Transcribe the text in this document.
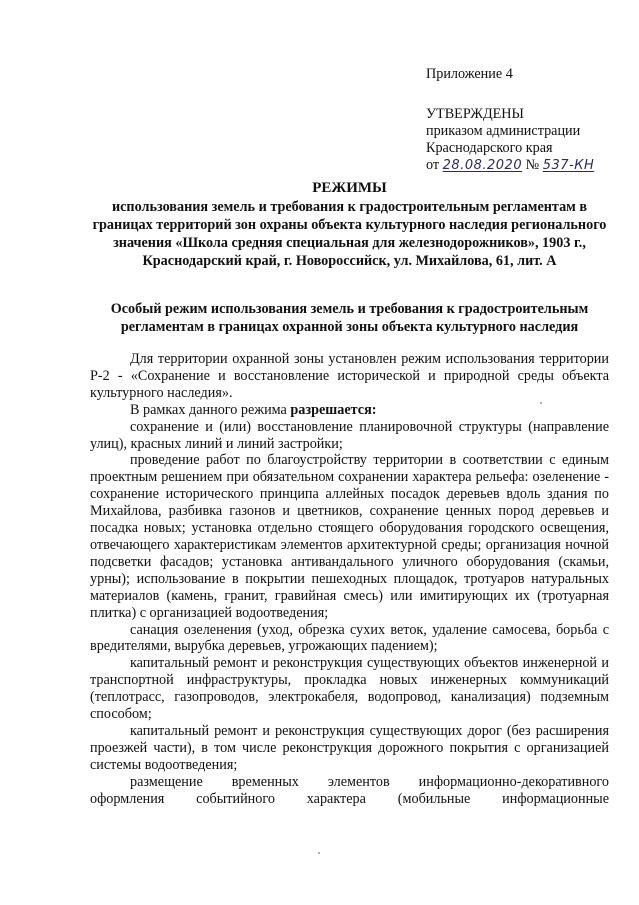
Приложение 4
УТВЕРЖДЕНЫ
приказом администрации
Краснодарского края
от 28.08.2020 № 537-КН
РЕЖИМЫ
использования земель и требования к градостроительным регламентам в границах территорий зон охраны объекта культурного наследия регионального значения «Школа средняя специальная для железнодорожников», 1903 г., Краснодарский край, г. Новороссийск, ул. Михайлова, 61, лит. А
Особый режим использования земель и требования к градостроительным регламентам в границах охранной зоны объекта культурного наследия

Для территории охранной зоны установлен режим использования территории Р-2 - «Сохранение и восстановление исторической и природной среды объекта культурного наследия».

В рамках данного режима разрешается:

сохранение и (или) восстановление планировочной структуры (направление улиц), красных линий и линий застройки;

проведение работ по благоустройству территории в соответствии с единым проектным решением при обязательном сохранении характера рельефа: озеленение - сохранение исторического принципа аллейных посадок деревьев вдоль здания по Михайлова, разбивка газонов и цветников, сохранение ценных пород деревьев и посадка новых; установка отдельно стоящего оборудования городского освещения, отвечающего характеристикам элементов архитектурной среды; организация ночной подсветки фасадов; установка антивандального уличного оборудования (скамьи, урны); использование в покрытии пешеходных площадок, тротуаров натуральных материалов (камень, гранит, гравийная смесь) или имитирующих их (тротуарная плитка) с организацией водоотведения;

санация озеленения (уход, обрезка сухих веток, удаление самосева, борьба с вредителями, вырубка деревьев, угрожающих падением);

капитальный ремонт и реконструкция существующих объектов инженерной и транспортной инфраструктуры, прокладка новых инженерных коммуникаций (теплотрасс, газопроводов, электрокабеля, водопровод, канализация) подземным способом;

капитальный ремонт и реконструкция существующих дорог (без расширения проезжей части), в том числе реконструкция дорожного покрытия с организацией системы водоотведения;

размещение временных элементов информационно-декоративного оформления событийного характера (мобильные информационные
